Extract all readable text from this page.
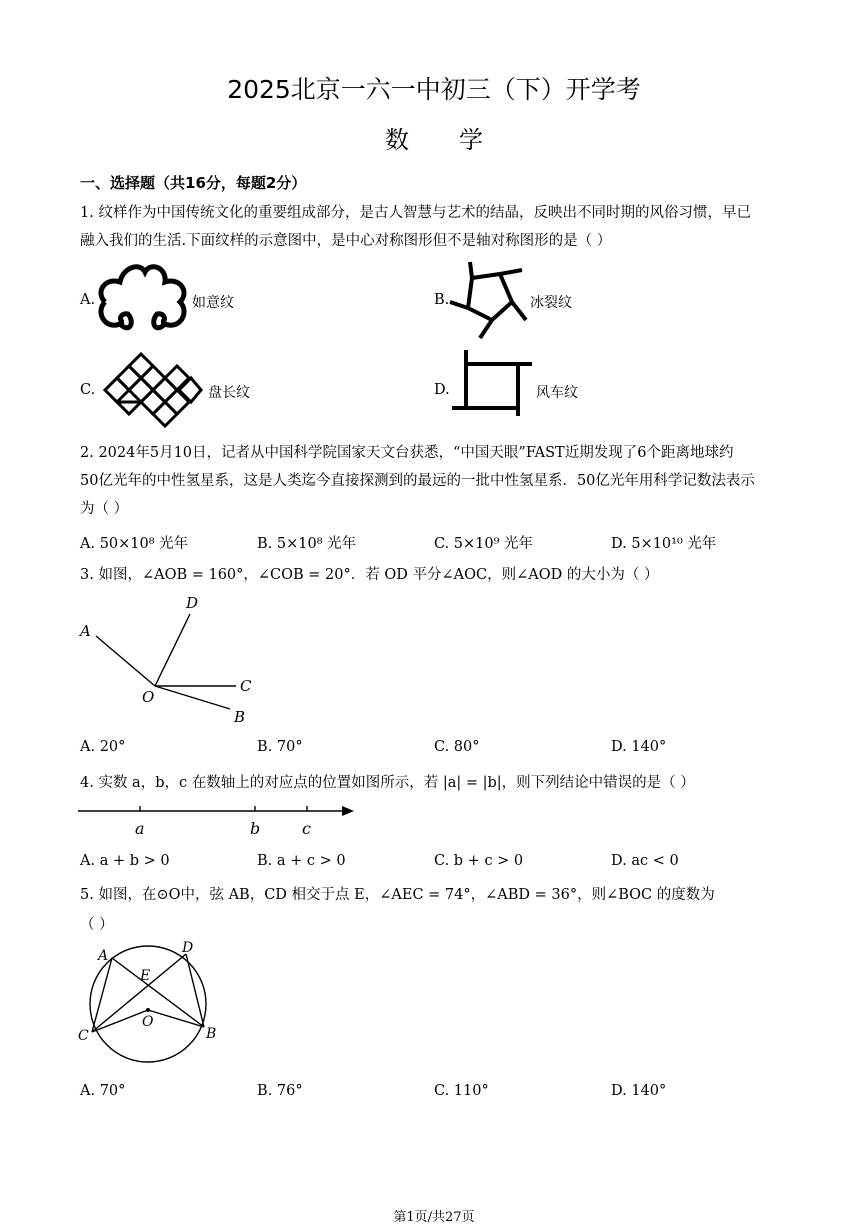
2025北京一六一中初三（下）开学考
数学
一、选择题（共16分，每题2分）
1. 纹样作为中国传统文化的重要组成部分，是古人智慧与艺术的结晶，反映出不同时期的风俗习惯，早已
融入我们的生活.下面纹样的示意图中，是中心对称图形但不是轴对称图形的是（ ）
A.	如意纹	B.	冰裂纹
C.	盘长纹	D.	风车纹
2. 2024年5月10日，记者从中国科学院国家天文台获悉，“中国天眼”FAST近期发现了6个距离地球约
50亿光年的中性氢星系，这是人类迄今直接探测到的最远的一批中性氢星系．50亿光年用科学记数法表示
为（ ）
A. 50×10⁸ 光年	B. 5×10⁸ 光年	C. 5×10⁹ 光年	D. 5×10¹⁰ 光年
3. 如图，∠AOB = 160°，∠COB = 20°．若 OD 平分∠AOC，则∠AOD 的大小为（ ）
A
D
O
C
B
A. 20°	B. 70°	C. 80°	D. 140°
4. 实数 a，b，c 在数轴上的对应点的位置如图所示，若 |a| = |b|，则下列结论中错误的是（ ）
a	b	c
A. a + b > 0	B. a + c > 0	C. b + c > 0	D. ac < 0
5. 如图，在⊙O中，弦 AB，CD 相交于点 E，∠AEC = 74°，∠ABD = 36°，则∠BOC 的度数为
（ ）
A	D
E
O
C	B
A. 70°	B. 76°	C. 110°	D. 140°
第1页/共27页
